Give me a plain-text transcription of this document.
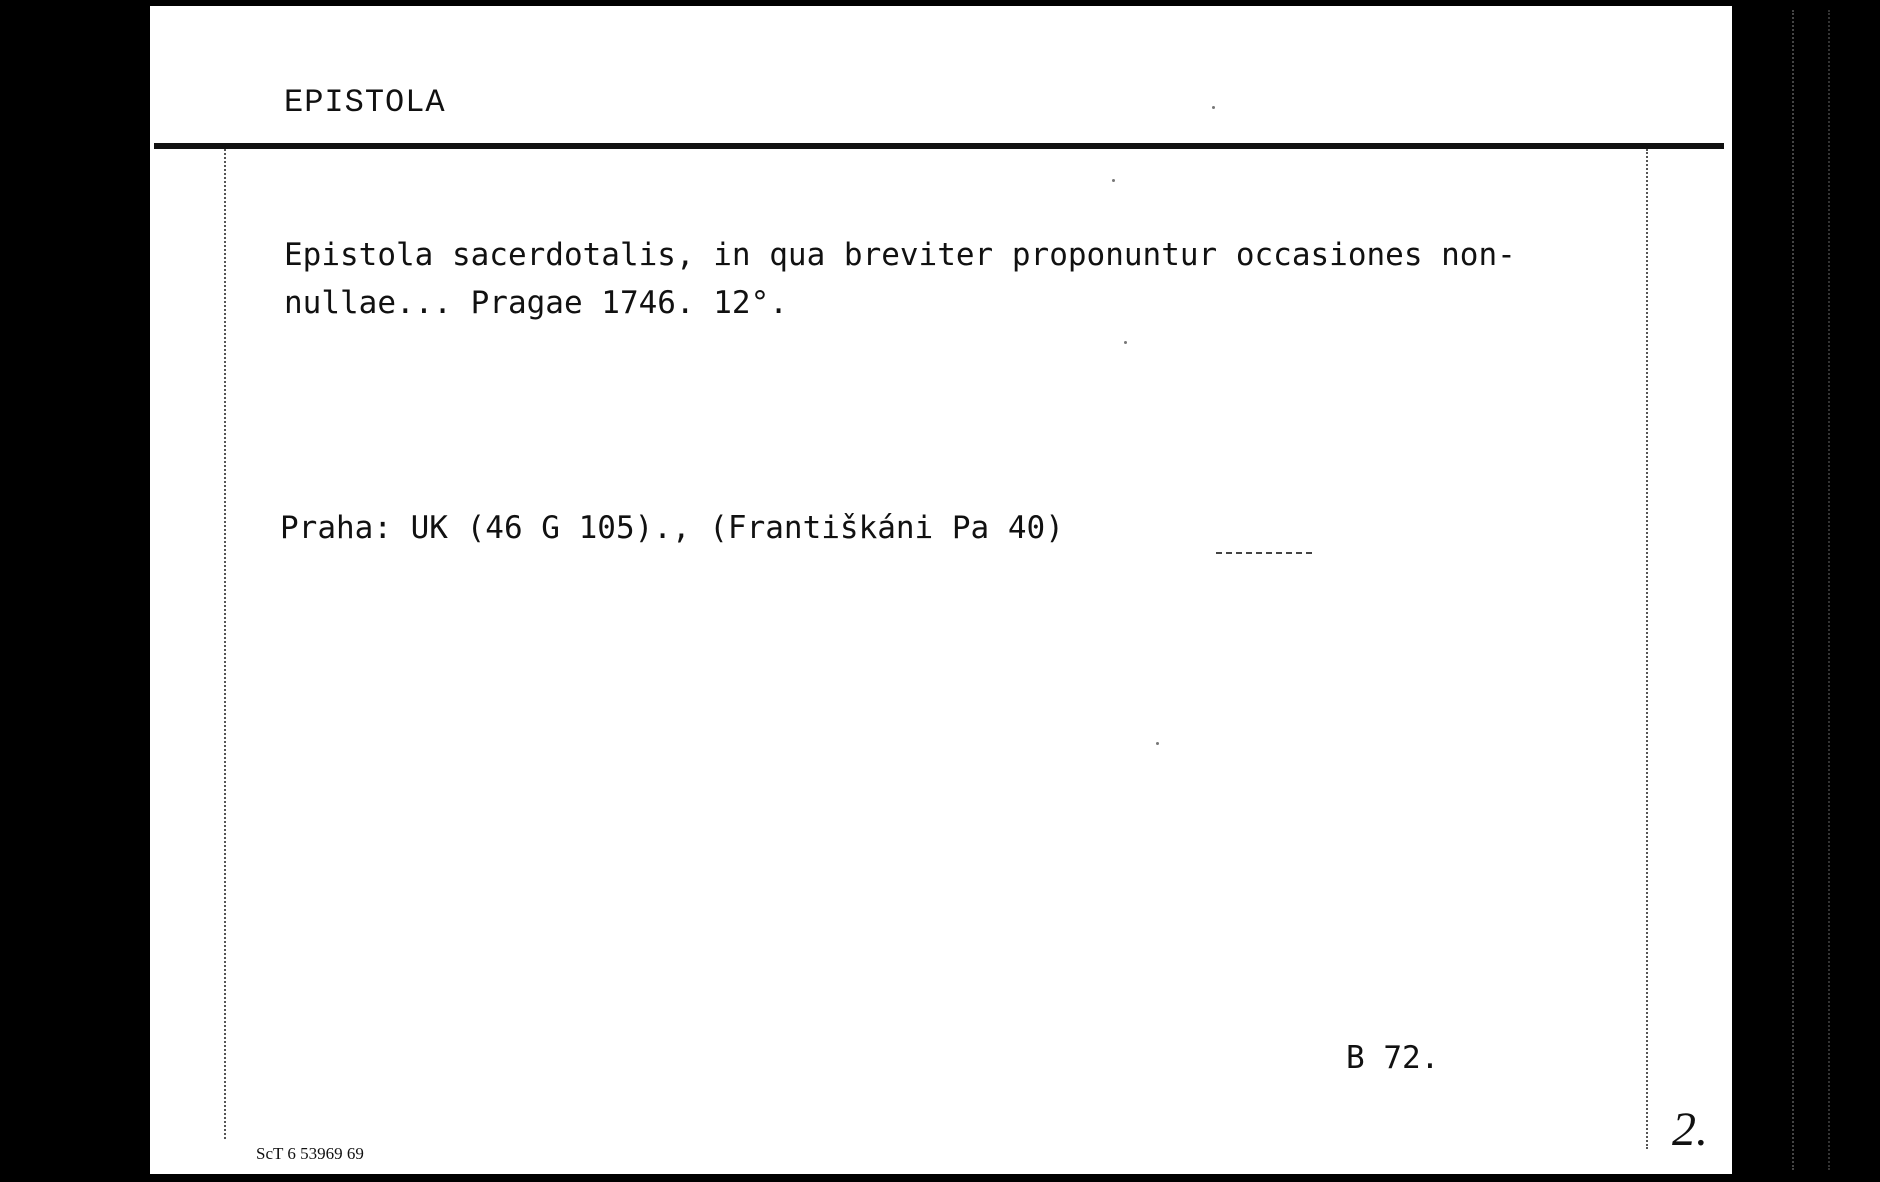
EPISTOLA
Epistola sacerdotalis, in qua breviter proponuntur occasiones non-
nullae... Pragae 1746. 12°.
Praha: UK (46 G 105)., (Františkáni Pa 40)
B 72.
ScT 6 53969 69	2.
